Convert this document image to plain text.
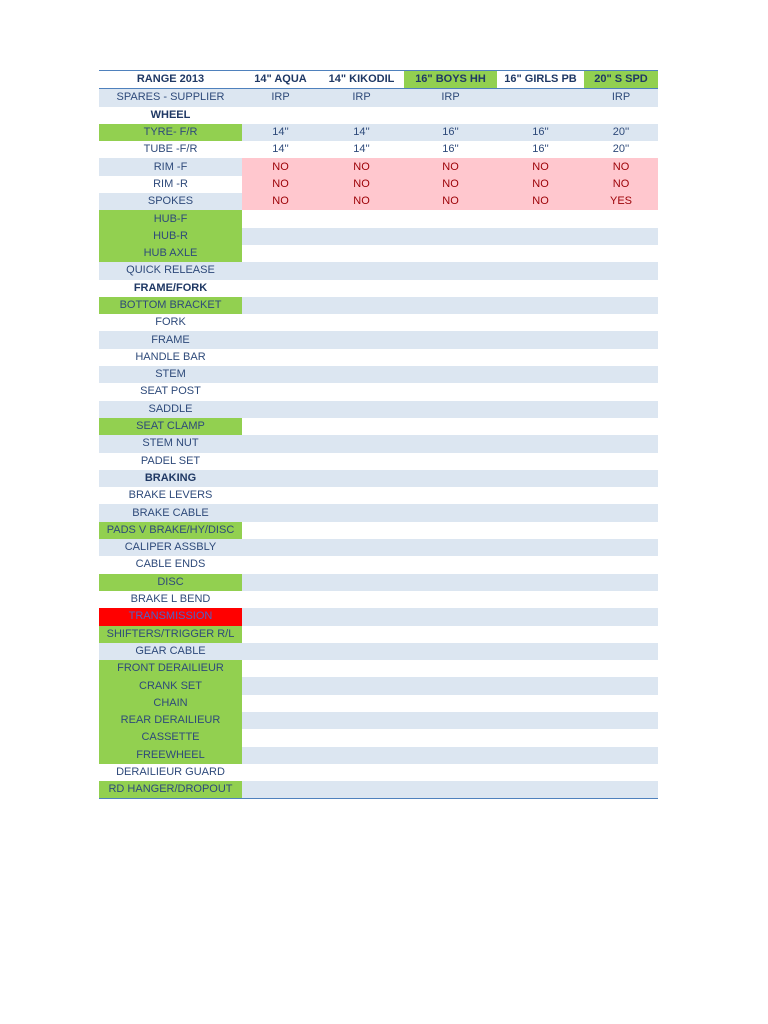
RANGE 2013	14" AQUA	14" KIKODIL	16" BOYS HH	16" GIRLS PB	20" S SPD
SPARES - SUPPLIER	IRP	IRP	IRP		IRP
WHEEL					
TYRE- F/R	14''	14''	16''	16''	20''
TUBE -F/R	14''	14''	16''	16''	20''
RIM -F	NO	NO	NO	NO	NO
RIM -R	NO	NO	NO	NO	NO
SPOKES	NO	NO	NO	NO	YES
HUB-F					
HUB-R					
HUB AXLE					
QUICK RELEASE					
FRAME/FORK					
BOTTOM BRACKET					
FORK					
FRAME					
HANDLE BAR					
STEM					
SEAT POST					
SADDLE					
SEAT CLAMP					
STEM NUT					
PADEL SET					
BRAKING					
BRAKE LEVERS					
BRAKE CABLE					
PADS V BRAKE/HY/DISC					
CALIPER ASSBLY					
CABLE ENDS					
DISC					
BRAKE L BEND					
TRANSMISSION					
SHIFTERS/TRIGGER R/L					
GEAR CABLE					
FRONT DERAILIEUR					
CRANK SET					
CHAIN					
REAR DERAILIEUR					
CASSETTE					
FREEWHEEL					
DERAILIEUR GUARD					
RD HANGER/DROPOUT					
